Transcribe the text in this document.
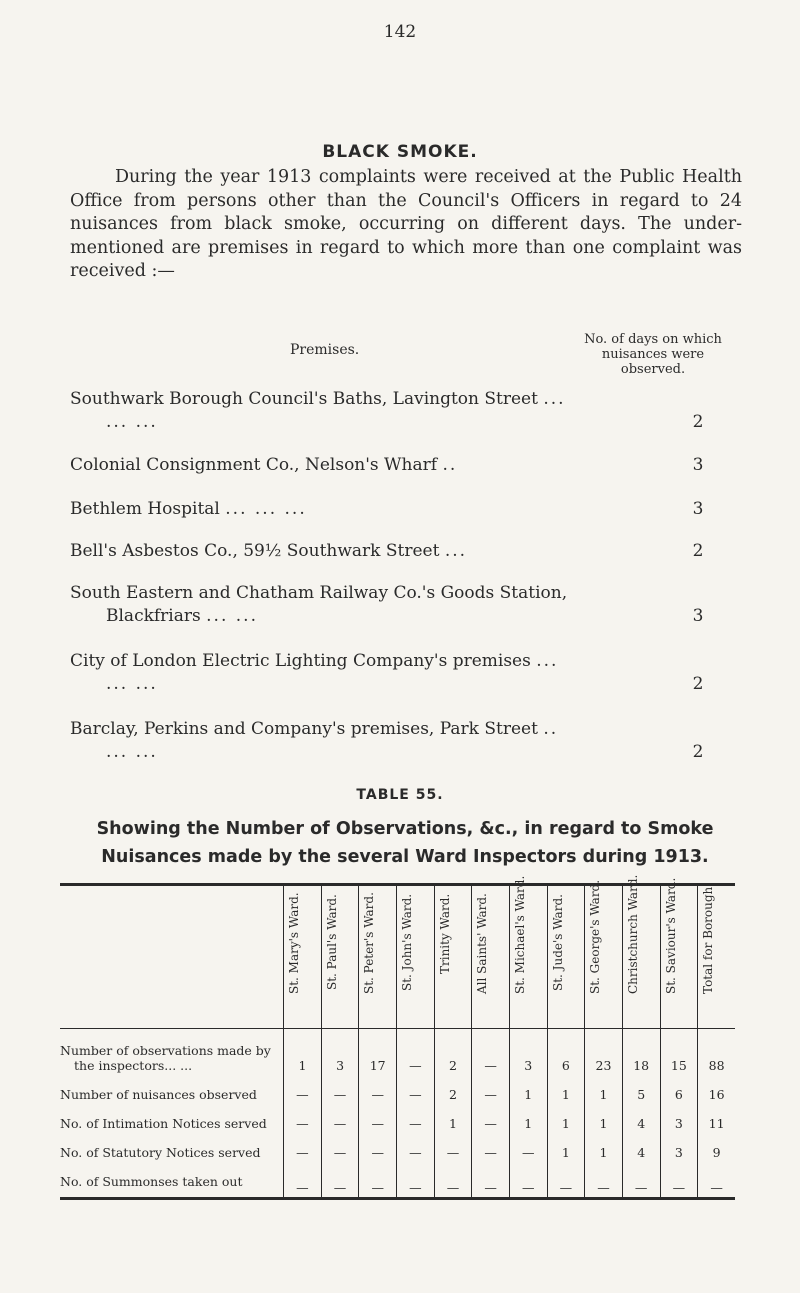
142
BLACK SMOKE.
During the year 1913 complaints were received at the Public Health Office from persons other than the Council's Officers in regard to 24 nuisances from black smoke, occurring on different days. The under-mentioned are premises in regard to which more than one complaint was received :—
Premises.
No. of days on which nuisances were observed.
Southwark Borough Council's Baths, Lavington Street ... ... ...	2
Colonial Consignment Co., Nelson's Wharf ..	3
Bethlem Hospital ... ... ...	3
Bell's Asbestos Co., 59½ Southwark Street ...	2
South Eastern and Chatham Railway Co.'s Goods Station, Blackfriars ... ...	3
City of London Electric Lighting Company's premises ... ... ...	2
Barclay, Perkins and Company's premises, Park Street .. ... ...	2
TABLE 55.
Showing the Number of Observations, &c., in regard to Smoke Nuisances made by the several Ward Inspectors during 1913.

	St. Mary's Ward.	St. Paul's Ward.	St. Peter's Ward.	St. John's Ward.	Trinity Ward.	All Saints' Ward.	St. Michael's Ward.	St. Jude's Ward.	St. George's Ward.	Christchurch Ward.	St. Saviour's Ward.	Total for Borough.

Number of observations made by the inspectors... ...	1	3	17	—	2	—	3	6	23	18	15	88

Number of nuisances observed	—	—	—	—	2	—	1	1	1	5	6	16

No. of Intimation Notices served	—	—	—	—	1	—	1	1	1	4	3	11

No. of Statutory Notices served	—	—	—	—	—	—	—	1	1	4	3	9

No. of Summonses taken out	—	—	—	—	—	—	—	—	—	—	—	—
